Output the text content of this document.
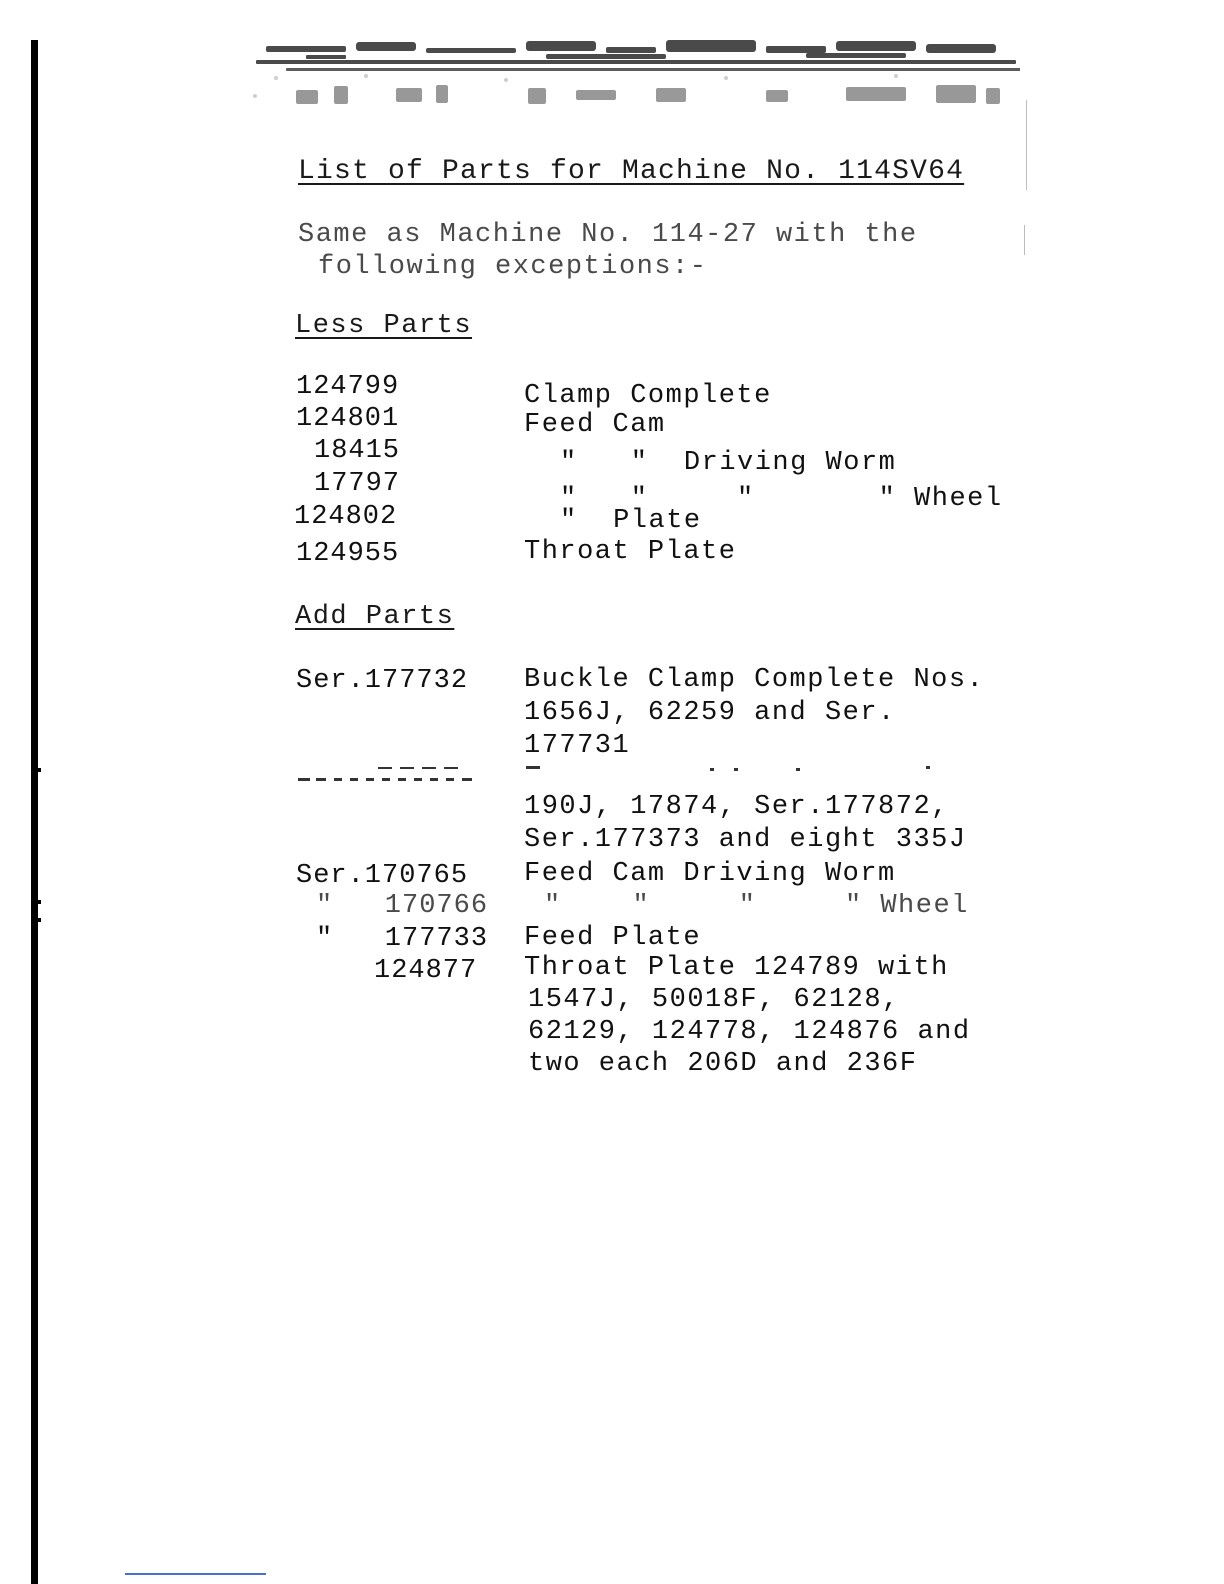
List of Parts for Machine No. 114SV64
Same as Machine No. 114-27 with the
following exceptions:-
Less Parts
124799	Clamp Complete
124801	Feed Cam
18415	"   "  Driving Worm
17797	"   "     "       " Wheel
124802	"  Plate
124955	Throat Plate
Add Parts
Ser.177732 Buckle Clamp Complete Nos.
1656J, 62259 and Ser.
177731
190J, 17874, Ser.177872,
Ser.177373 and eight 335J
Ser.170765 Feed Cam Driving Worm
"   170766 "    "     "     " Wheel
"   177733 Feed Plate
124877 Throat Plate 124789 with
1547J, 50018F, 62128,
62129, 124778, 124876 and
two each 206D and 236F
